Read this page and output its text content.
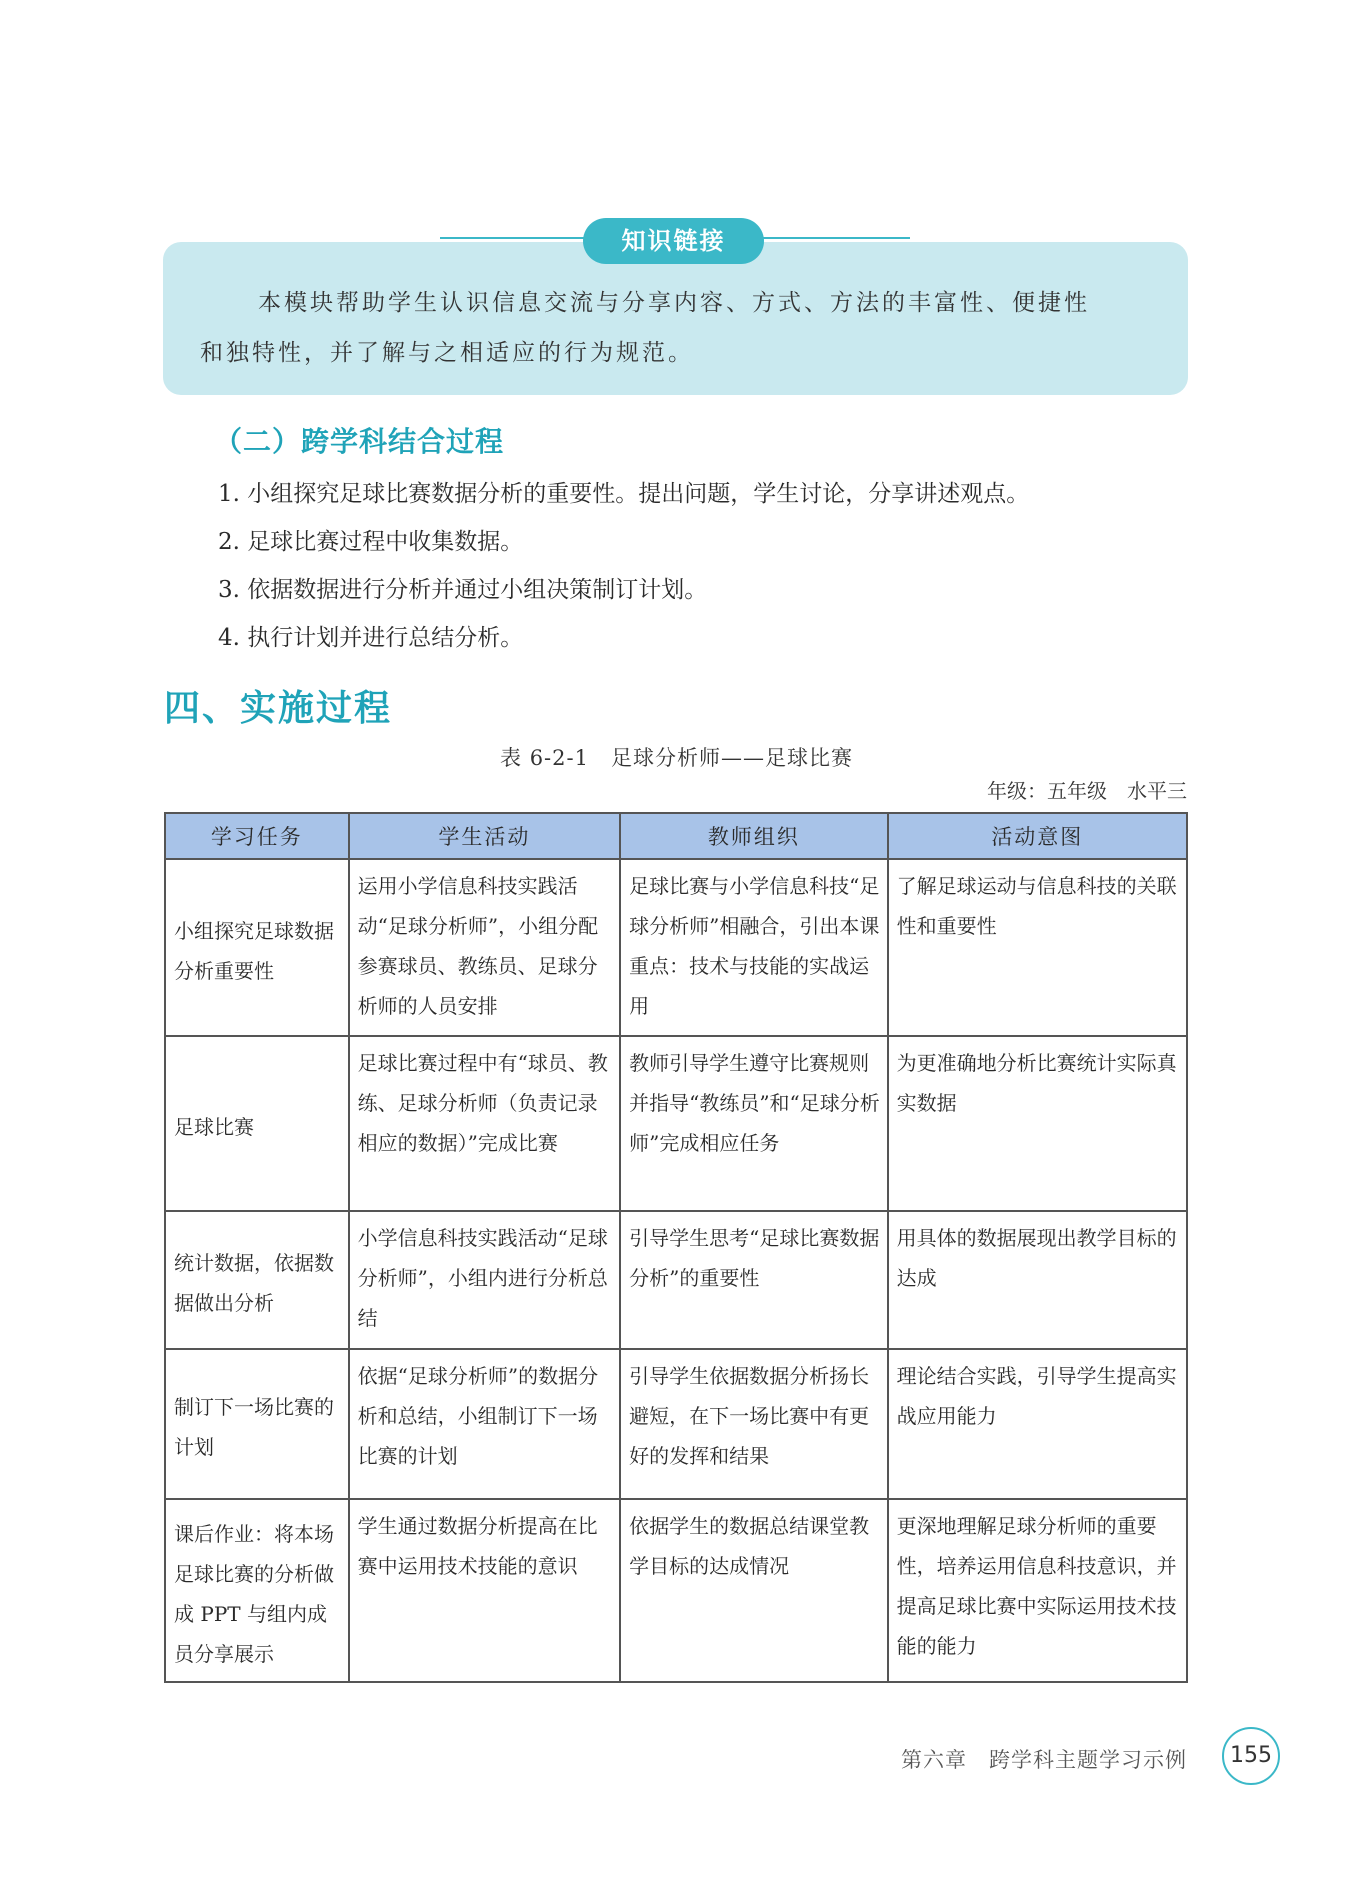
知识链接

本模块帮助学生认识信息交流与分享内容、方式、方法的丰富性、便捷性

和独特性，并了解与之相适应的行为规范。

（二）跨学科结合过程
1. 小组探究足球比赛数据分析的重要性。提出问题，学生讨论，分享讲述观点。
2. 足球比赛过程中收集数据。
3. 依据数据进行分析并通过小组决策制订计划。
4. 执行计划并进行总结分析。
四、实施过程
表 6-2-1　足球分析师——足球比赛
年级：五年级　水平三
学习任务	学生活动	教师组织	活动意图
小组探究足球数据分析重要性	运用小学信息科技实践活动“足球分析师”，小组分配参赛球员、教练员、足球分析师的人员安排	足球比赛与小学信息科技“足球分析师”相融合，引出本课重点：技术与技能的实战运用	了解足球运动与信息科技的关联性和重要性
足球比赛	足球比赛过程中有“球员、教练、足球分析师（负责记录相应的数据）”完成比赛	教师引导学生遵守比赛规则并指导“教练员”和“足球分析师”完成相应任务	为更准确地分析比赛统计实际真实数据
统计数据，依据数据做出分析	小学信息科技实践活动“足球分析师”，小组内进行分析总结	引导学生思考“足球比赛数据分析”的重要性	用具体的数据展现出教学目标的达成
制订下一场比赛的计划	依据“足球分析师”的数据分析和总结，小组制订下一场比赛的计划	引导学生依据数据分析扬长避短，在下一场比赛中有更好的发挥和结果	理论结合实践，引导学生提高实战应用能力
课后作业：将本场足球比赛的分析做成 PPT 与组内成员分享展示	学生通过数据分析提高在比赛中运用技术技能的意识	依据学生的数据总结课堂教学目标的达成情况	更深地理解足球分析师的重要性，培养运用信息科技意识，并提高足球比赛中实际运用技术技能的能力
第六章　跨学科主题学习示例	155
